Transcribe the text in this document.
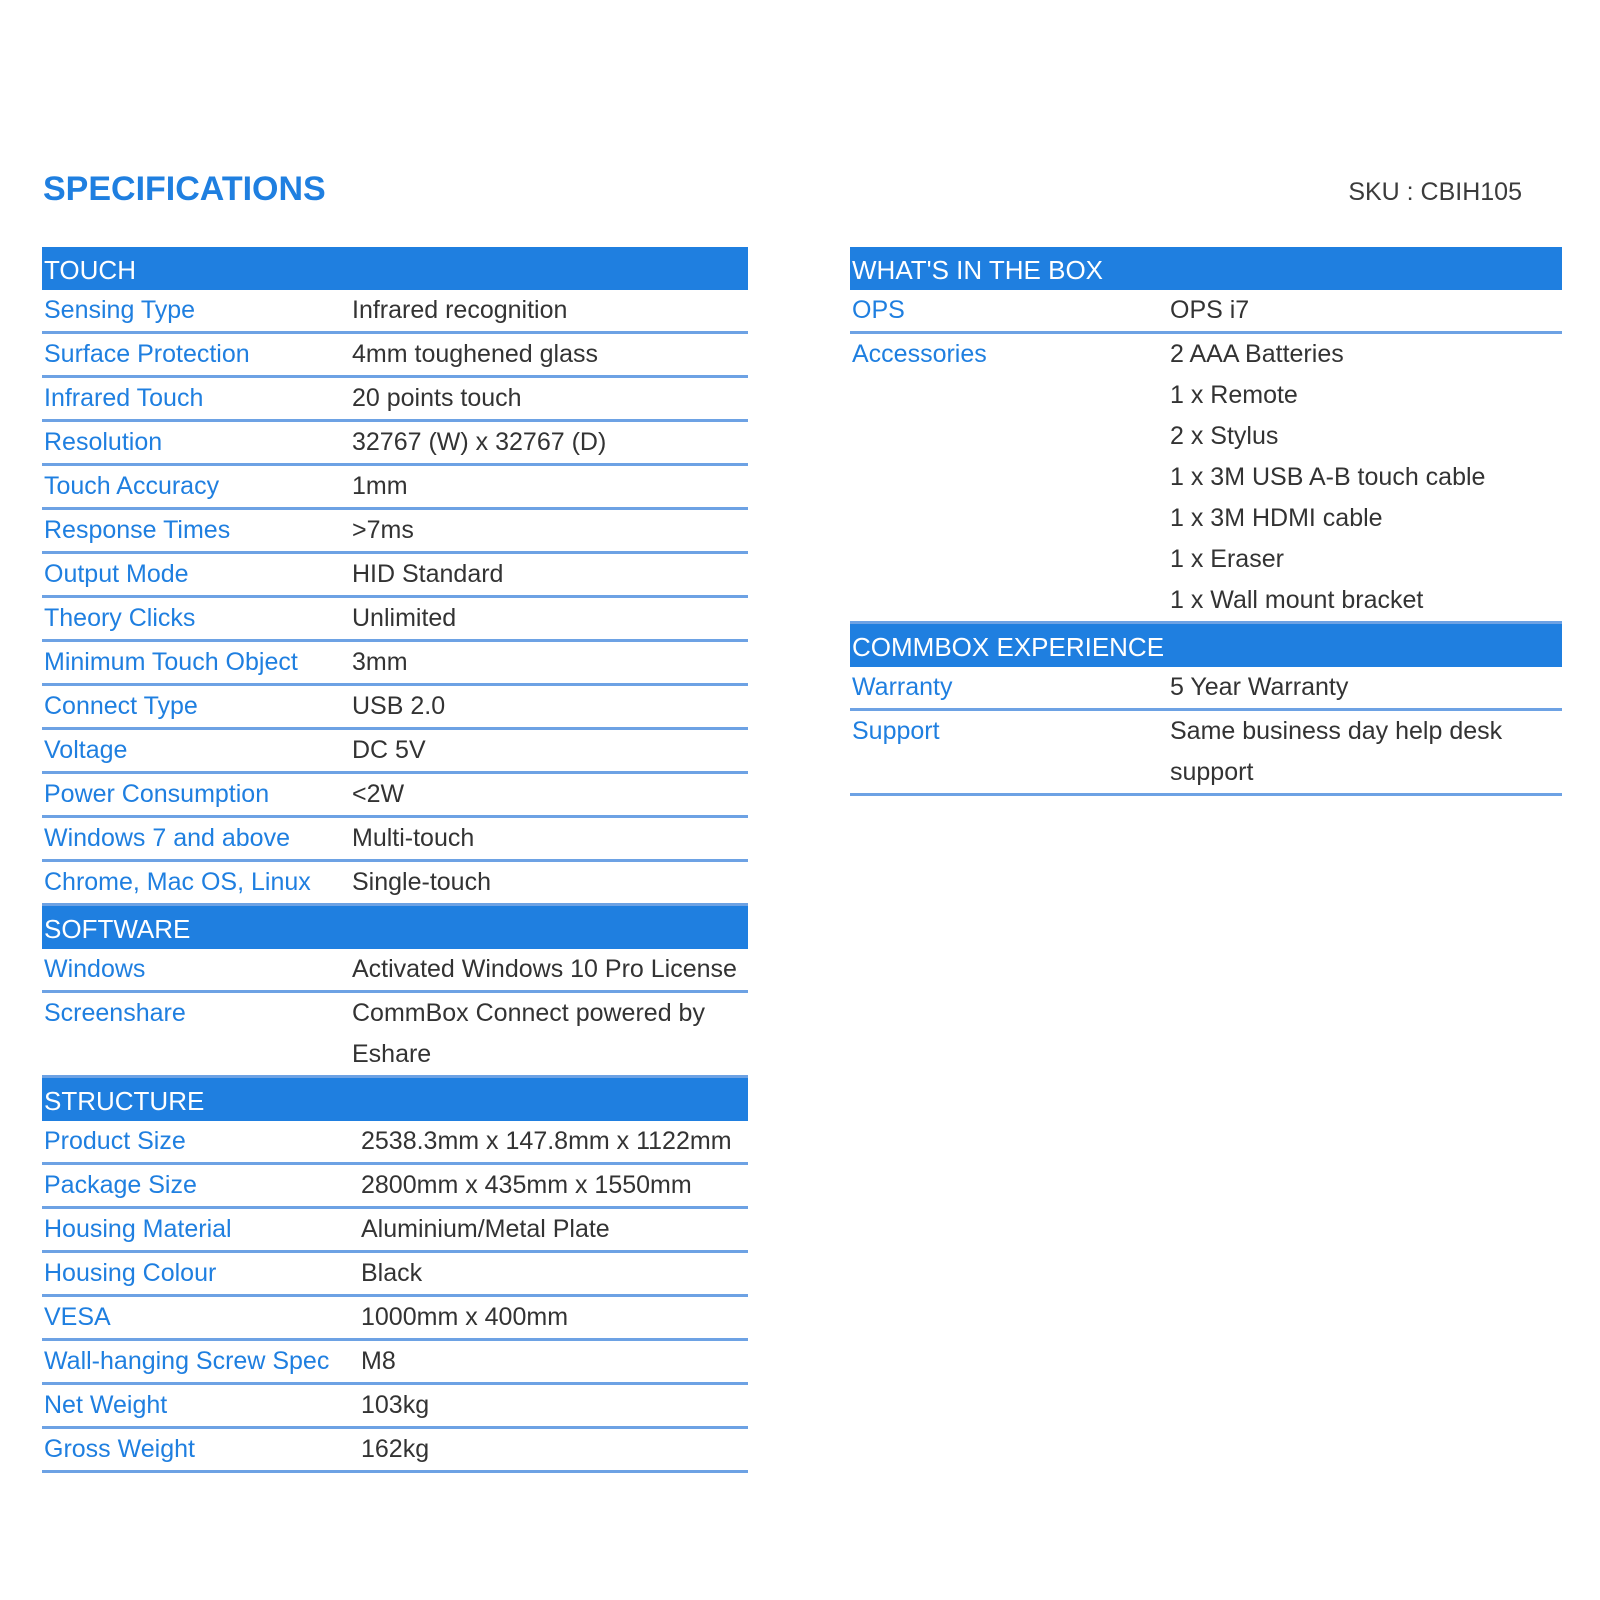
SPECIFICATIONS	SKU : CBIH105
TOUCH
Sensing Type	Infrared recognition
Surface Protection	4mm toughened glass
Infrared Touch	20 points touch
Resolution	32767 (W) x 32767 (D)
Touch Accuracy	1mm
Response Times	>7ms
Output Mode	HID Standard
Theory Clicks	Unlimited
Minimum Touch Object	3mm
Connect Type	USB 2.0
Voltage	DC 5V
Power Consumption	<2W
Windows 7 and above	Multi-touch
Chrome, Mac OS, Linux	Single-touch
SOFTWARE
Windows	Activated Windows 10 Pro License
Screenshare	CommBox Connect powered by
Eshare
STRUCTURE
Product Size	2538.3mm x 147.8mm x 1122mm
Package Size	2800mm x 435mm x 1550mm
Housing Material	Aluminium/Metal Plate
Housing Colour	Black
VESA	1000mm x 400mm
Wall-hanging Screw Spec	M8
Net Weight	103kg
Gross Weight	162kg
WHAT'S IN THE BOX
OPS	OPS i7
Accessories	2 AAA Batteries
1 x Remote
2 x Stylus
1 x 3M USB A-B touch cable
1 x 3M HDMI cable
1 x Eraser
1 x Wall mount bracket
COMMBOX EXPERIENCE
Warranty	5 Year Warranty
Support	Same business day help desk
support
